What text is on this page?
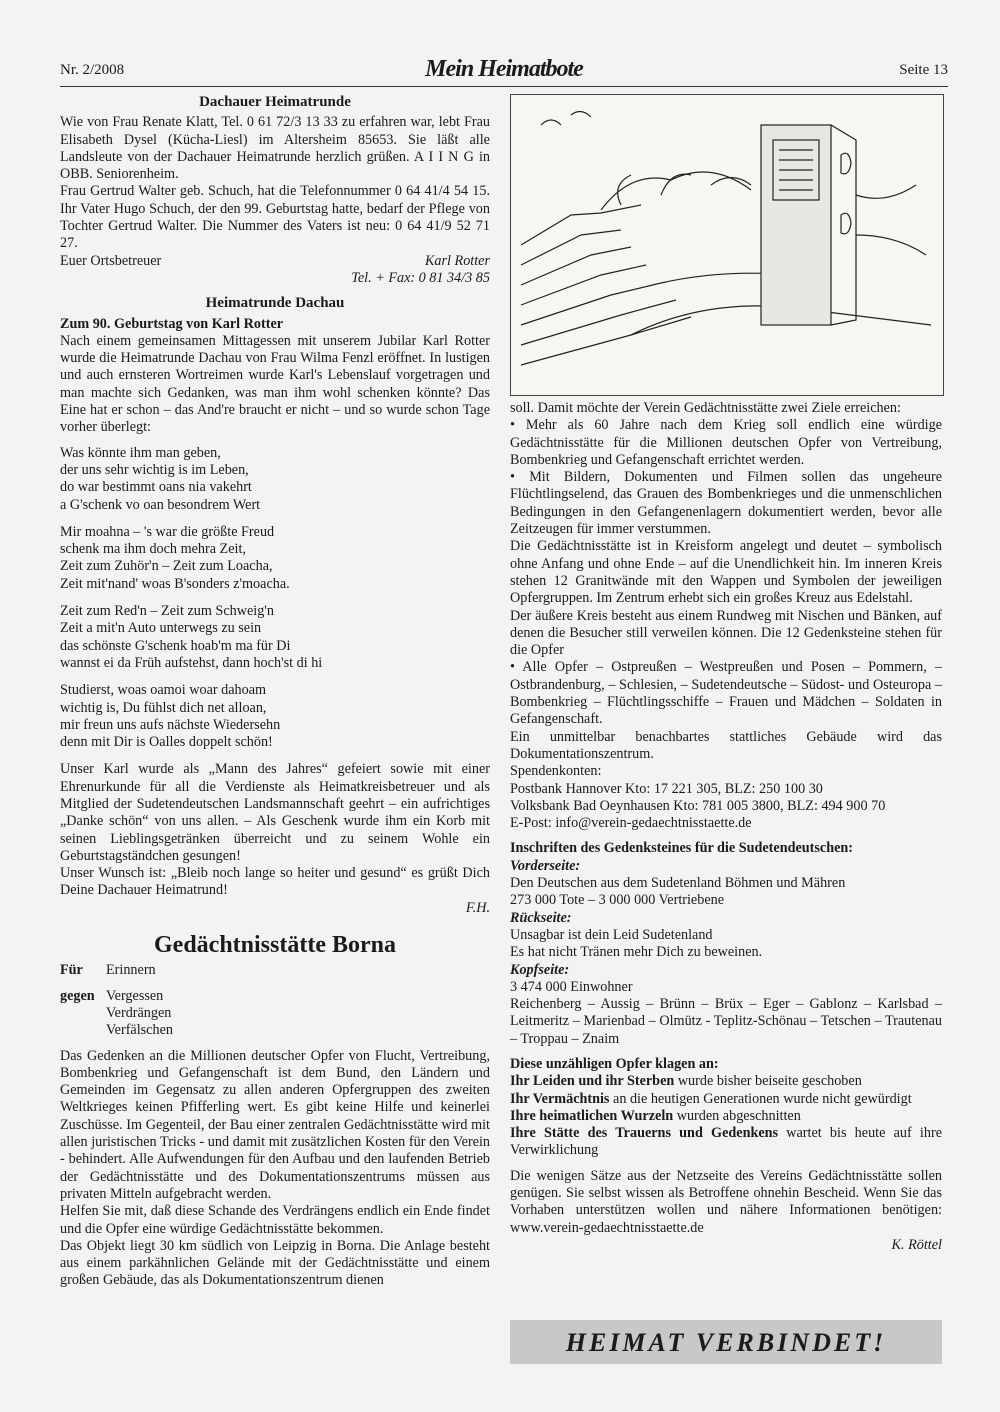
Nr. 2/2008	Mein Heimatbote	Seite 13
Dachauer Heimatrunde

Wie von Frau Renate Klatt, Tel. 0 61 72/3 13 33 zu erfahren war, lebt Frau Elisabeth Dysel (Kücha-Liesl) im Altersheim 85653. Sie läßt alle Landsleute von der Dachauer Heimatrunde herzlich grüßen. A I I N G in OBB. Seniorenheim.

Frau Gertrud Walter geb. Schuch, hat die Telefonnummer 0 64 41/4 54 15. Ihr Vater Hugo Schuch, der den 99. Geburtstag hatte, bedarf der Pflege von Tochter Gertrud Walter. Die Nummer des Vaters ist neu: 0 64 41/9 52 71 27.

Euer Ortsbetreuer	Karl Rotter

Tel. + Fax: 0 81 34/3 85

Heimatrunde Dachau

Zum 90. Geburtstag von Karl Rotter

Nach einem gemeinsamen Mittagessen mit unserem Jubilar Karl Rotter wurde die Heimatrunde Dachau von Frau Wilma Fenzl eröffnet. In lustigen und auch ernsteren Wortreimen wurde Karl's Lebenslauf vorgetragen und man machte sich Gedanken, was man ihm wohl schenken könnte? Das Eine hat er schon – das And're braucht er nicht – und so wurde schon Tage vorher überlegt:

Was könnte ihm man geben,

der uns sehr wichtig is im Leben,

do war bestimmt oans nia vakehrt

a G'schenk vo oan besondrem Wert

Mir moahna – 's war die größte Freud

schenk ma ihm doch mehra Zeit,

Zeit zum Zuhör'n – Zeit zum Loacha,

Zeit mit'nand' woas B'sonders z'moacha.

Zeit zum Red'n – Zeit zum Schweig'n

Zeit a mit'n Auto unterwegs zu sein

das schönste G'schenk hoab'm ma für Di

wannst ei da Früh aufstehst, dann hoch'st di hi

Studierst, woas oamoi woar dahoam

wichtig is, Du fühlst dich net alloan,

mir freun uns aufs nächste Wiedersehn

denn mit Dir is Oalles doppelt schön!

Unser Karl wurde als „Mann des Jahres“ gefeiert sowie mit einer Ehrenurkunde für all die Verdienste als Heimatkreisbetreuer und als Mitglied der Sudetendeutschen Landsmannschaft geehrt – ein aufrichtiges „Danke schön“ von uns allen. – Als Geschenk wurde ihm ein Korb mit seinen Lieblingsgetränken überreicht und zu seinem Wohle ein Geburtstagständchen gesungen!

Unser Wunsch ist: „Bleib noch lange so heiter und gesund“ es grüßt Dich Deine Dachauer Heimatrund!

F.H.

Gedächtnisstätte Borna
Für Erinnern
gegen Vergessen
Verdrängen
Verfälschen

Das Gedenken an die Millionen deutscher Opfer von Flucht, Vertreibung, Bombenkrieg und Gefangenschaft ist dem Bund, den Ländern und Gemeinden im Gegensatz zu allen anderen Opfergruppen des zweiten Weltkrieges keinen Pfifferling wert. Es gibt keine Hilfe und keinerlei Zuschüsse. Im Gegenteil, der Bau einer zentralen Gedächtnisstätte wird mit allen juristischen Tricks - und damit mit zusätzlichen Kosten für den Verein - behindert. Alle Aufwendungen für den Aufbau und den laufenden Betrieb der Gedächtnisstätte und des Dokumentationszentrums müssen aus privaten Mitteln aufgebracht werden.

Helfen Sie mit, daß diese Schande des Verdrängens endlich ein Ende findet und die Opfer eine würdige Gedächtnisstätte bekommen.

Das Objekt liegt 30 km südlich von Leipzig in Borna. Die Anlage besteht aus einem parkähnlichen Gelände mit der Gedächtnisstätte und einem großen Gebäude, das als Dokumentationszentrum dienen

soll. Damit möchte der Verein Gedächtnisstätte zwei Ziele erreichen:

• Mehr als 60 Jahre nach dem Krieg soll endlich eine würdige Gedächtnisstätte für die Millionen deutschen Opfer von Vertreibung, Bombenkrieg und Gefangenschaft errichtet werden.

• Mit Bildern, Dokumenten und Filmen sollen das ungeheure Flüchtlingselend, das Grauen des Bombenkrieges und die unmenschlichen Bedingungen in den Gefangenenlagern dokumentiert werden, bevor alle Zeitzeugen für immer verstummen.

Die Gedächtnisstätte ist in Kreisform angelegt und deutet – symbolisch ohne Anfang und ohne Ende – auf die Unendlichkeit hin. Im inneren Kreis stehen 12 Granitwände mit den Wappen und Symbolen der jeweiligen Opfergruppen. Im Zentrum erhebt sich ein großes Kreuz aus Edelstahl.

Der äußere Kreis besteht aus einem Rundweg mit Nischen und Bänken, auf denen die Besucher still verweilen können. Die 12 Gedenksteine stehen für die Opfer

• Alle Opfer – Ostpreußen – Westpreußen und Posen – Pommern, – Ostbrandenburg, – Schlesien, – Sudetendeutsche – Südost- und Osteuropa – Bombenkrieg – Flüchtlingsschiffe – Frauen und Mädchen – Soldaten in Gefangenschaft.

Ein unmittelbar benachbartes stattliches Gebäude wird das Dokumentationszentrum.

Spendenkonten:

Postbank Hannover Kto: 17 221 305, BLZ: 250 100 30

Volksbank Bad Oeynhausen Kto: 781 005 3800, BLZ: 494 900 70

E-Post: info@verein-gedaechtnisstaette.de

Inschriften des Gedenksteines für die Sudetendeutschen:

Vorderseite:

Den Deutschen aus dem Sudetenland Böhmen und Mähren

273 000 Tote – 3 000 000 Vertriebene

Rückseite:

Unsagbar ist dein Leid Sudetenland

Es hat nicht Tränen mehr Dich zu beweinen.

Kopfseite:

3 474 000 Einwohner

Reichenberg – Aussig – Brünn – Brüx – Eger – Gablonz – Karlsbad – Leitmeritz – Marienbad – Olmütz - Teplitz-Schönau – Tetschen – Trautenau – Troppau – Znaim

Diese unzähligen Opfer klagen an:

Ihr Leiden und ihr Sterben wurde bisher beiseite geschoben

Ihr Vermächtnis an die heutigen Generationen wurde nicht gewürdigt

Ihre heimatlichen Wurzeln wurden abgeschnitten

Ihre Stätte des Trauerns und Gedenkens wartet bis heute auf ihre Verwirklichung

Die wenigen Sätze aus der Netzseite des Vereins Gedächtnisstätte sollen genügen. Sie selbst wissen als Betroffene ohnehin Bescheid. Wenn Sie das Vorhaben unterstützen wollen und nähere Informationen benötigen: www.verein-gedaechtnisstaette.de

K. Röttel

HEIMAT VERBINDET!
